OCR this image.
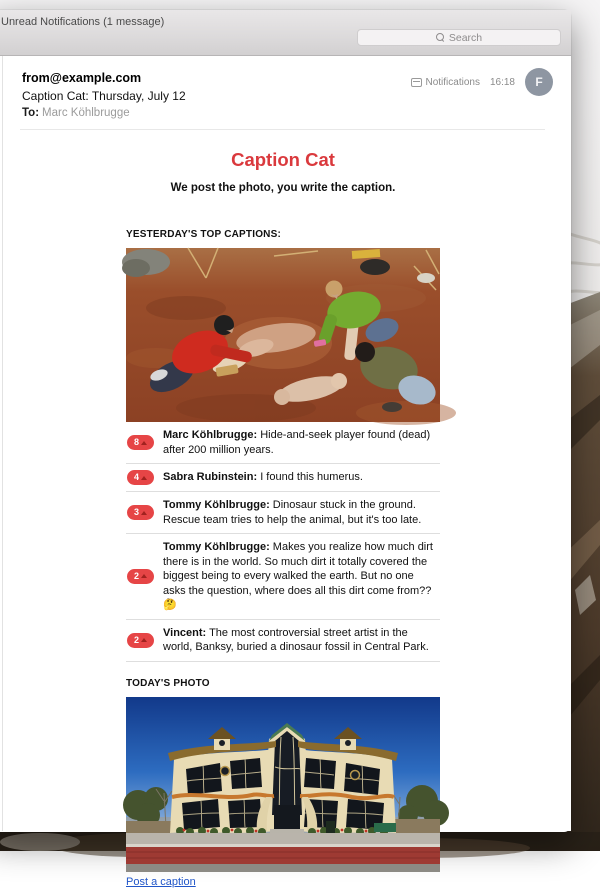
Unread Notifications (1 message)
Search
from@example.com
Caption Cat: Thursday, July 12
To: Marc Köhlbrugge
Notifications 16:18	F
Caption Cat
We post the photo, you write the caption.
YESTERDAY'S TOP CAPTIONS:
8
Marc Köhlbrugge: Hide-and-seek player found (dead) after 200 million years.
4 Sabra Rubinstein: I found this humerus.
3
Tommy Köhlbrugge: Dinosaur stuck in the ground. Rescue team tries to help the animal, but it's too late.
2
Tommy Köhlbrugge: Makes you realize how much dirt there is in the world. So much dirt it totally covered the biggest being to every walked the earth. But no one asks the question, where does all this dirt come from?? 🤔
2
Vincent: The most controversial street artist in the world, Banksy, buried a dinosaur fossil in Central Park.
TODAY'S PHOTO
Post a caption
